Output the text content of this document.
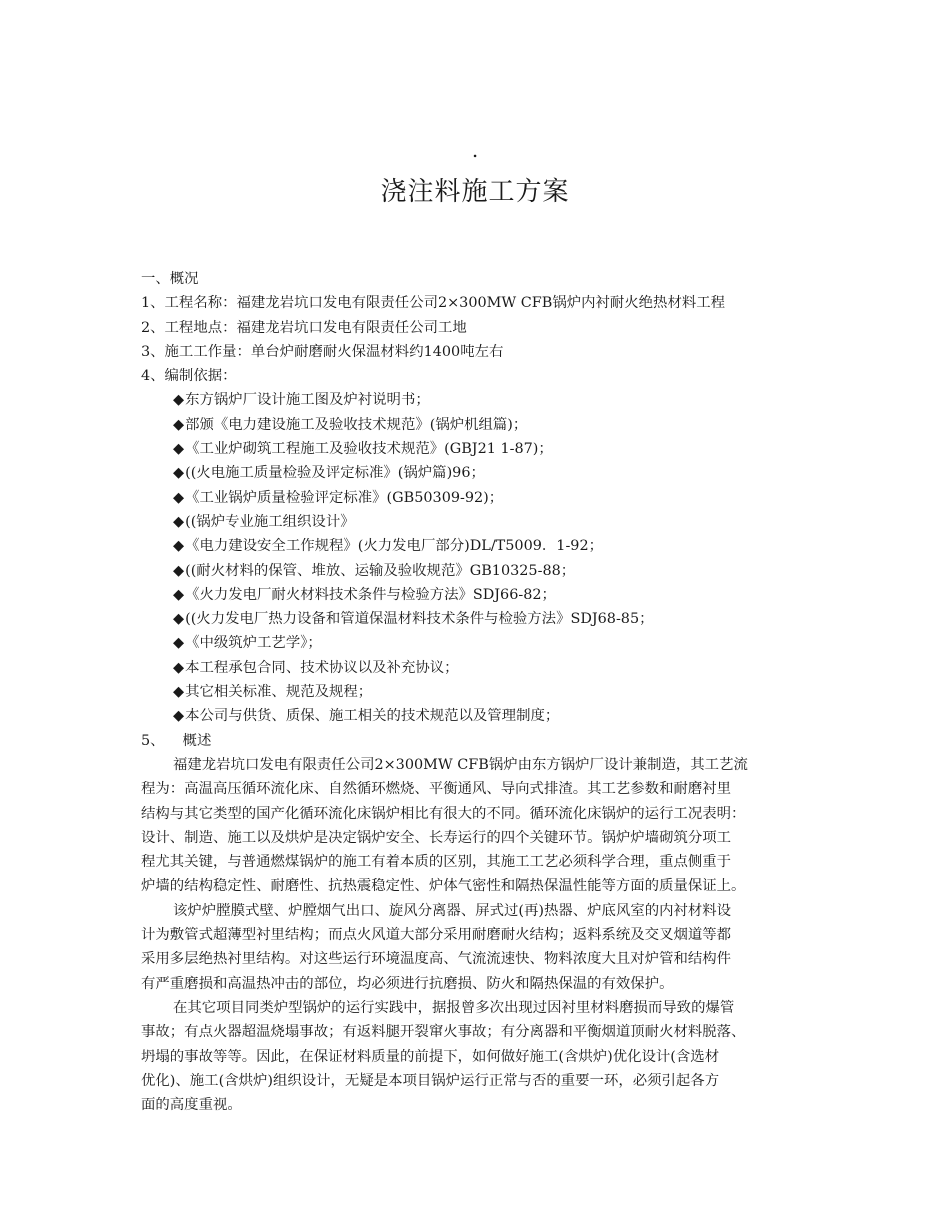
.
浇注料施工方案
一、概况
1、工程名称：福建龙岩坑口发电有限责任公司2×300MW CFB锅炉内衬耐火绝热材料工程
2、工程地点：福建龙岩坑口发电有限责任公司工地
3、施工工作量：单台炉耐磨耐火保温材料约1400吨左右
4、编制依据：
◆东方锅炉厂设计施工图及炉衬说明书；
◆部颁《电力建设施工及验收技术规范》(锅炉机组篇)；
◆《工业炉砌筑工程施工及验收技术规范》(GBJ21 1-87)；
◆((火电施工质量检验及评定标准》(锅炉篇)96；
◆《工业锅炉质量检验评定标准》(GB50309-92)；
◆((锅炉专业施工组织设计》
◆《电力建设安全工作规程》(火力发电厂部分)DL/T5009．1-92；
◆((耐火材料的保管、堆放、运输及验收规范》GB10325-88；
◆《火力发电厂耐火材料技术条件与检验方法》SDJ66-82；
◆((火力发电厂热力设备和管道保温材料技术条件与检验方法》SDJ68-85；
◆《中级筑炉工艺学》；
◆本工程承包合同、技术协议以及补充协议；
◆其它相关标准、规范及规程；
◆本公司与供货、质保、施工相关的技术规范以及管理制度；
5、 概述
福建龙岩坑口发电有限责任公司2×300MW CFB锅炉由东方锅炉厂设计兼制造，其工艺流
程为：高温高压循环流化床、自然循环燃烧、平衡通风、导向式排渣。其工艺参数和耐磨衬里
结构与其它类型的国产化循环流化床锅炉相比有很大的不同。循环流化床锅炉的运行工况表明：
设计、制造、施工以及烘炉是决定锅炉安全、长寿运行的四个关键环节。锅炉炉墙砌筑分项工
程尤其关键，与普通燃煤锅炉的施工有着本质的区别，其施工工艺必须科学合理，重点侧重于
炉墙的结构稳定性、耐磨性、抗热震稳定性、炉体气密性和隔热保温性能等方面的质量保证上。
该炉炉膛膜式壁、炉膛烟气出口、旋风分离器、屏式过(再)热器、炉底风室的内衬材料设
计为敷管式超薄型衬里结构；而点火风道大部分采用耐磨耐火结构；返料系统及交叉烟道等都
采用多层绝热衬里结构。对这些运行环境温度高、气流流速快、物料浓度大且对炉管和结构件
有严重磨损和高温热冲击的部位，均必须进行抗磨损、防火和隔热保温的有效保护。
在其它项目同类炉型锅炉的运行实践中，据报曾多次出现过因衬里材料磨损而导致的爆管
事故；有点火器超温烧塌事故；有返料腿开裂窜火事故；有分离器和平衡烟道顶耐火材料脱落、
坍塌的事故等等。因此，在保证材料质量的前提下，如何做好施工(含烘炉)优化设计(含选材
优化)、施工(含烘炉)组织设计，无疑是本项目锅炉运行正常与否的重要一环，必须引起各方
面的高度重视。
